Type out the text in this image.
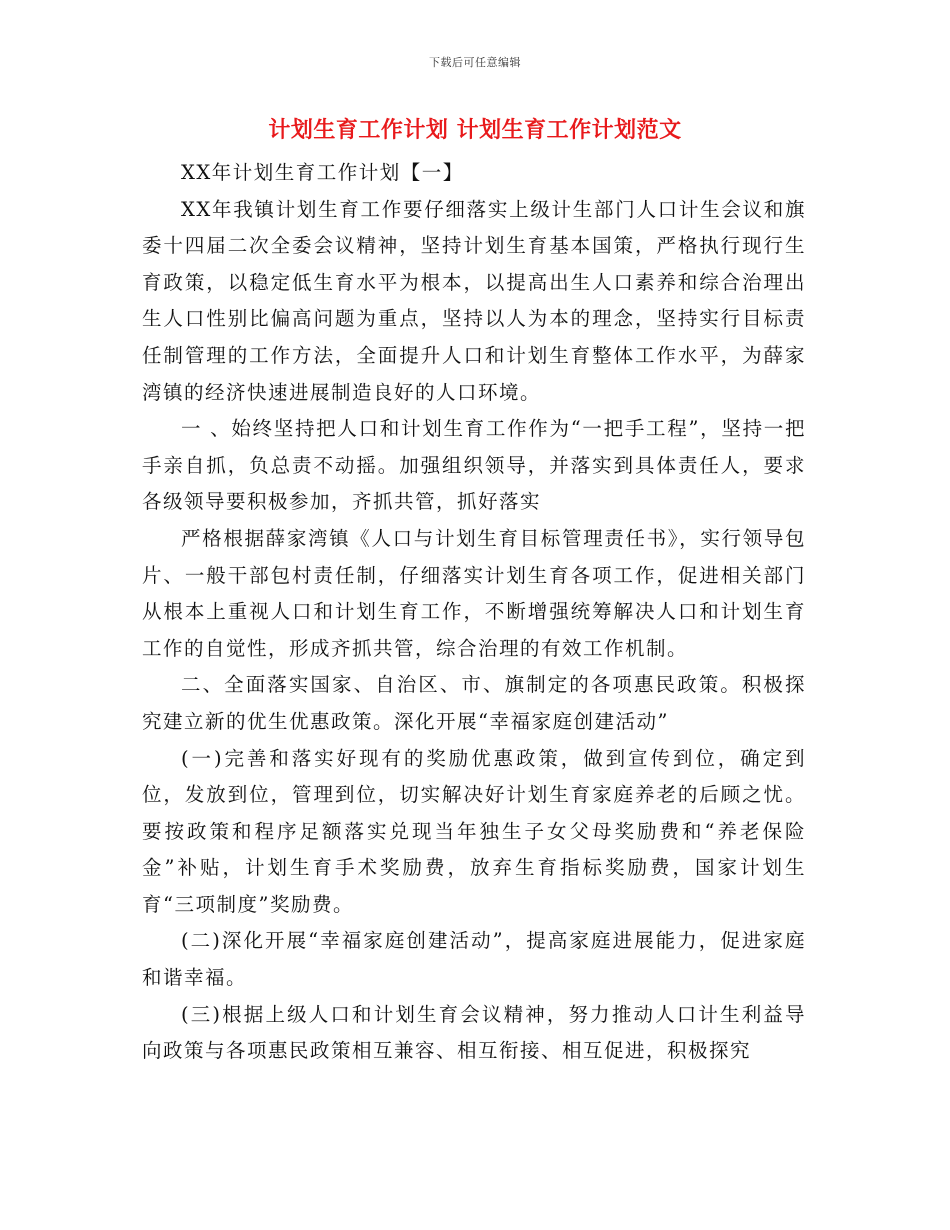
下载后可任意编辑
计划生育工作计划 计划生育工作计划范文

XX年计划生育工作计划【一】

XX年我镇计划生育工作要仔细落实上级计生部门人口计生会议和旗委十四届二次全委会议精神，坚持计划生育基本国策，严格执行现行生育政策，以稳定低生育水平为根本，以提高出生人口素养和综合治理出生人口性别比偏高问题为重点，坚持以人为本的理念，坚持实行目标责任制管理的工作方法，全面提升人口和计划生育整体工作水平，为薛家湾镇的经济快速进展制造良好的人口环境。

一 、始终坚持把人口和计划生育工作作为“一把手工程”，坚持一把手亲自抓，负总责不动摇。加强组织领导，并落实到具体责任人，要求各级领导要积极参加，齐抓共管，抓好落实

严格根据薛家湾镇《人口与计划生育目标管理责任书》，实行领导包片、一般干部包村责任制，仔细落实计划生育各项工作，促进相关部门从根本上重视人口和计划生育工作，不断增强统筹解决人口和计划生育工作的自觉性，形成齐抓共管，综合治理的有效工作机制。

二、全面落实国家、自治区、市、旗制定的各项惠民政策。积极探究建立新的优生优惠政策。深化开展“幸福家庭创建活动”

(一)完善和落实好现有的奖励优惠政策，做到宣传到位，确定到位，发放到位，管理到位，切实解决好计划生育家庭养老的后顾之忧。要按政策和程序足额落实兑现当年独生子女父母奖励费和“养老保险金”补贴，计划生育手术奖励费，放弃生育指标奖励费，国家计划生育“三项制度”奖励费。

(二)深化开展“幸福家庭创建活动”，提高家庭进展能力，促进家庭和谐幸福。

(三)根据上级人口和计划生育会议精神，努力推动人口计生利益导向政策与各项惠民政策相互兼容、相互衔接、相互促进，积极探究
